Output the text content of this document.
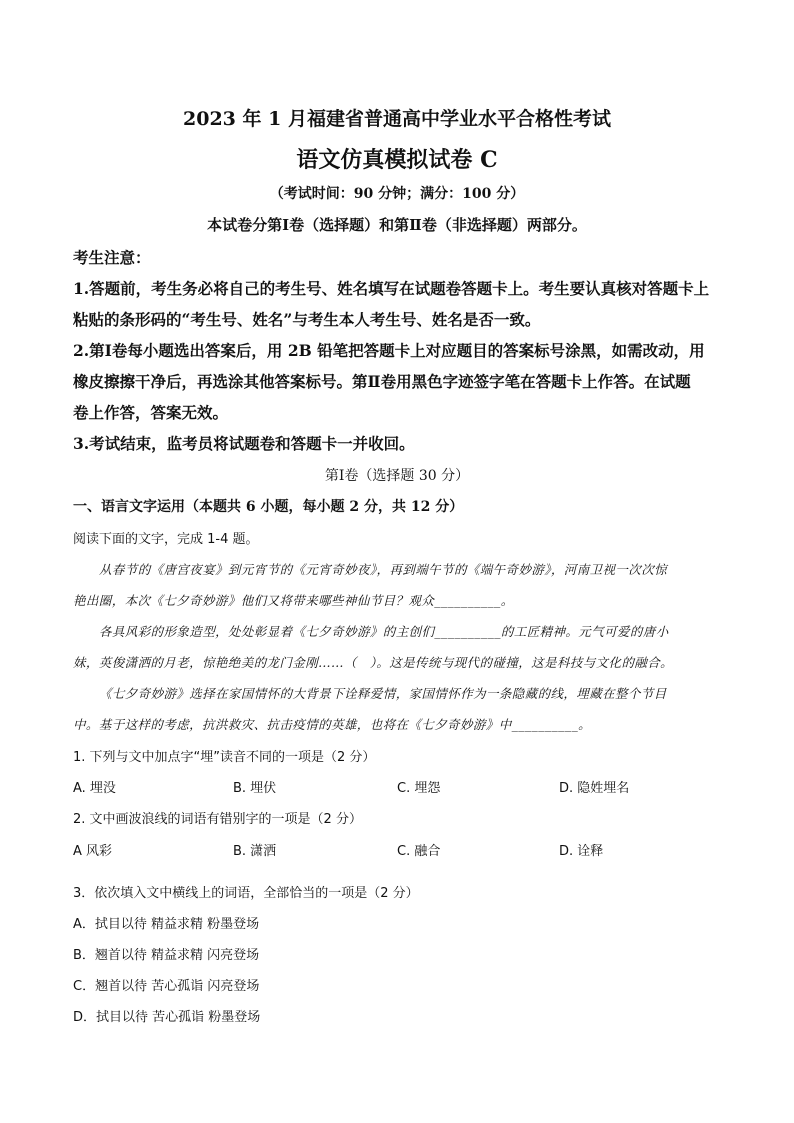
2023 年 1 月福建省普通高中学业水平合格性考试
语文仿真模拟试卷 C
（考试时间：90 分钟；满分：100 分）
本试卷分第Ⅰ卷（选择题）和第Ⅱ卷（非选择题）两部分。
考生注意：
1.答题前，考生务必将自己的考生号、姓名填写在试题卷答题卡上。考生要认真核对答题卡上
粘贴的条形码的“考生号、姓名”与考生本人考生号、姓名是否一致。
2.第Ⅰ卷每小题选出答案后，用 2B 铅笔把答题卡上对应题目的答案标号涂黑，如需改动，用
橡皮擦擦干净后，再选涂其他答案标号。第Ⅱ卷用黑色字迹签字笔在答题卡上作答。在试题
卷上作答，答案无效。
3.考试结束，监考员将试题卷和答题卡一并收回。
第Ⅰ卷（选择题 30 分）
一、语言文字运用（本题共 6 小题，每小题 2 分，共 12 分）
阅读下面的文字，完成 1-4 题。
从春节的《唐宫夜宴》到元宵节的《元宵奇妙夜》，再到端午节的《端午奇妙游》，河南卫视一次次惊
艳出圈，本次《七夕奇妙游》他们又将带来哪些神仙节目？观众__________。
各具风彩的形象造型，处处彰显着《七夕奇妙游》的主创们__________的工匠精神。元气可爱的唐小
妹，英俊潇洒的月老，惊艳绝美的龙门金刚……（　）。这是传统与现代的碰撞，这是科技与文化的融合。
《七夕奇妙游》选择在家国情怀的大背景下诠释爱情，家国情怀作为一条隐藏的线，埋藏在整个节目
中。基于这样的考虑，抗洪救灾、抗击疫情的英雄，也将在《七夕奇妙游》中__________。
1. 下列与文中加点字“埋”读音不同的一项是（2 分）
A. 埋没	B. 埋伏	C. 埋怨	D. 隐姓埋名
2. 文中画波浪线的词语有错别字的一项是（2 分）
A 风彩	B. 潇洒	C. 融合	D. 诠释
3．依次填入文中横线上的词语，全部恰当的一项是（2 分）
A．拭目以待 精益求精 粉墨登场
B．翘首以待 精益求精 闪亮登场
C．翘首以待 苦心孤诣 闪亮登场
D．拭目以待 苦心孤诣 粉墨登场
